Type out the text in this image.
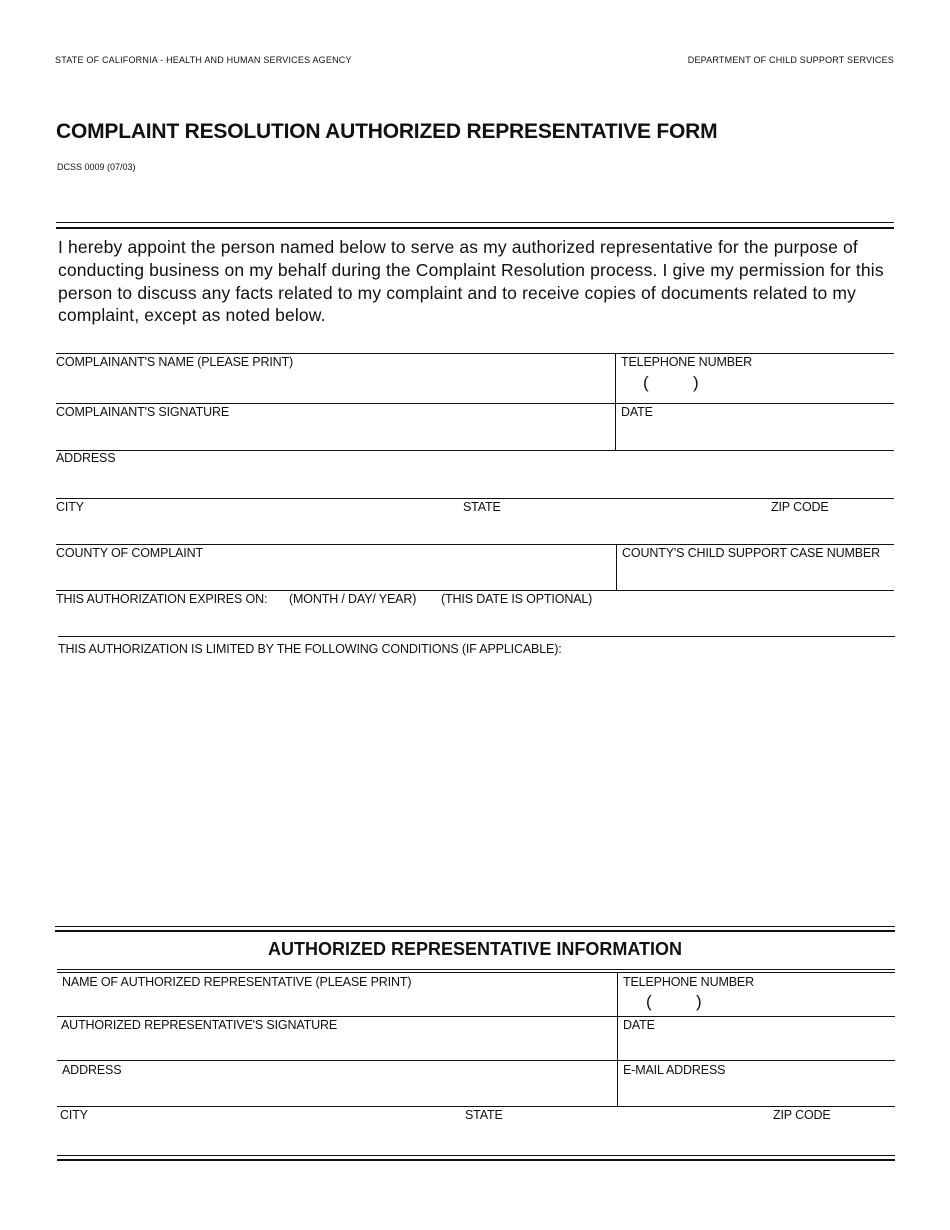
STATE OF CALIFORNIA - HEALTH AND HUMAN SERVICES AGENCY	DEPARTMENT OF CHILD SUPPORT SERVICES
COMPLAINT RESOLUTION AUTHORIZED REPRESENTATIVE FORM
DCSS 0009 (07/03)
I hereby appoint the person named below to serve as my authorized representative for the purpose of conducting business on my behalf during the Complaint Resolution process. I give my permission for this person to discuss any facts related to my complaint and to receive copies of documents related to my complaint, except as noted below.
COMPLAINANT'S NAME (PLEASE PRINT)	TELEPHONE NUMBER
(	)
COMPLAINANT'S SIGNATURE	DATE
ADDRESS
CITY	STATE	ZIP CODE
COUNTY OF COMPLAINT	COUNTY'S CHILD SUPPORT CASE NUMBER
THIS AUTHORIZATION EXPIRES ON: (MONTH / DAY/ YEAR) (THIS DATE IS OPTIONAL)
THIS AUTHORIZATION IS LIMITED BY THE FOLLOWING CONDITIONS (IF APPLICABLE):
AUTHORIZED REPRESENTATIVE INFORMATION
NAME OF AUTHORIZED REPRESENTATIVE (PLEASE PRINT)	TELEPHONE NUMBER
(	)
AUTHORIZED REPRESENTATIVE'S SIGNATURE	DATE
ADDRESS	E-MAIL ADDRESS
CITY	STATE	ZIP CODE
